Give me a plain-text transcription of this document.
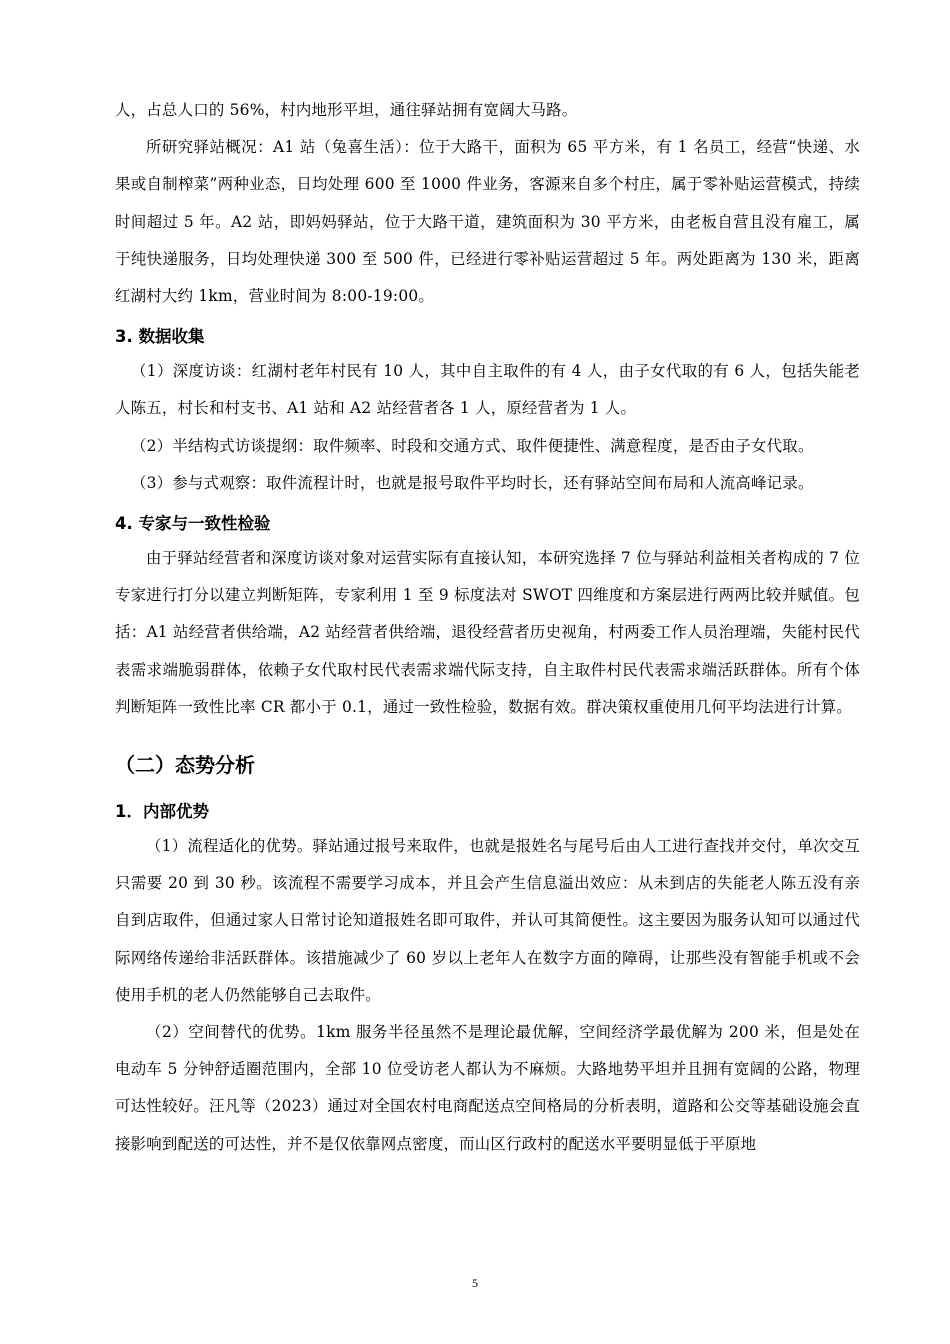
人，占总人口的 56%，村内地形平坦，通往驿站拥有宽阔大马路。

所研究驿站概况：A1 站（兔喜生活）：位于大路干，面积为 65 平方米，有 1 名员工，经营“快递、水果或自制榨菜”两种业态，日均处理 600 至 1000 件业务，客源来自多个村庄，属于零补贴运营模式，持续时间超过 5 年。A2 站，即妈妈驿站，位于大路干道，建筑面积为 30 平方米，由老板自营且没有雇工，属于纯快递服务，日均处理快递 300 至 500 件，已经进行零补贴运营超过 5 年。两处距离为 130 米，距离红湖村大约 1km，营业时间为 8:00-19:00。

3. 数据收集

（1）深度访谈：红湖村老年村民有 10 人，其中自主取件的有 4 人，由子女代取的有 6 人，包括失能老人陈五，村长和村支书、A1 站和 A2 站经营者各 1 人，原经营者为 1 人。

（2）半结构式访谈提纲：取件频率、时段和交通方式、取件便捷性、满意程度，是否由子女代取。

（3）参与式观察：取件流程计时，也就是报号取件平均时长，还有驿站空间布局和人流高峰记录。

4. 专家与一致性检验

由于驿站经营者和深度访谈对象对运营实际有直接认知，本研究选择 7 位与驿站利益相关者构成的 7 位专家进行打分以建立判断矩阵，专家利用 1 至 9 标度法对 SWOT 四维度和方案层进行两两比较并赋值。包括：A1 站经营者供给端，A2 站经营者供给端，退役经营者历史视角，村两委工作人员治理端，失能村民代表需求端脆弱群体，依赖子女代取村民代表需求端代际支持，自主取件村民代表需求端活跃群体。所有个体判断矩阵一致性比率 CR 都小于 0.1，通过一致性检验，数据有效。群决策权重使用几何平均法进行计算。

（二）态势分析
1．内部优势

（1）流程适化的优势。驿站通过报号来取件，也就是报姓名与尾号后由人工进行查找并交付，单次交互只需要 20 到 30 秒。该流程不需要学习成本，并且会产生信息溢出效应：从未到店的失能老人陈五没有亲自到店取件，但通过家人日常讨论知道报姓名即可取件，并认可其简便性。这主要因为服务认知可以通过代际网络传递给非活跃群体。该措施减少了 60 岁以上老年人在数字方面的障碍，让那些没有智能手机或不会使用手机的老人仍然能够自己去取件。

（2）空间替代的优势。1km 服务半径虽然不是理论最优解，空间经济学最优解为 200 米，但是处在电动车 5 分钟舒适圈范围内，全部 10 位受访老人都认为不麻烦。大路地势平坦并且拥有宽阔的公路，物理可达性较好。汪凡等（2023）通过对全国农村电商配送点空间格局的分析表明，道路和公交等基础设施会直接影响到配送的可达性，并不是仅依靠网点密度，而山区行政村的配送水平要明显低于平原地

5
